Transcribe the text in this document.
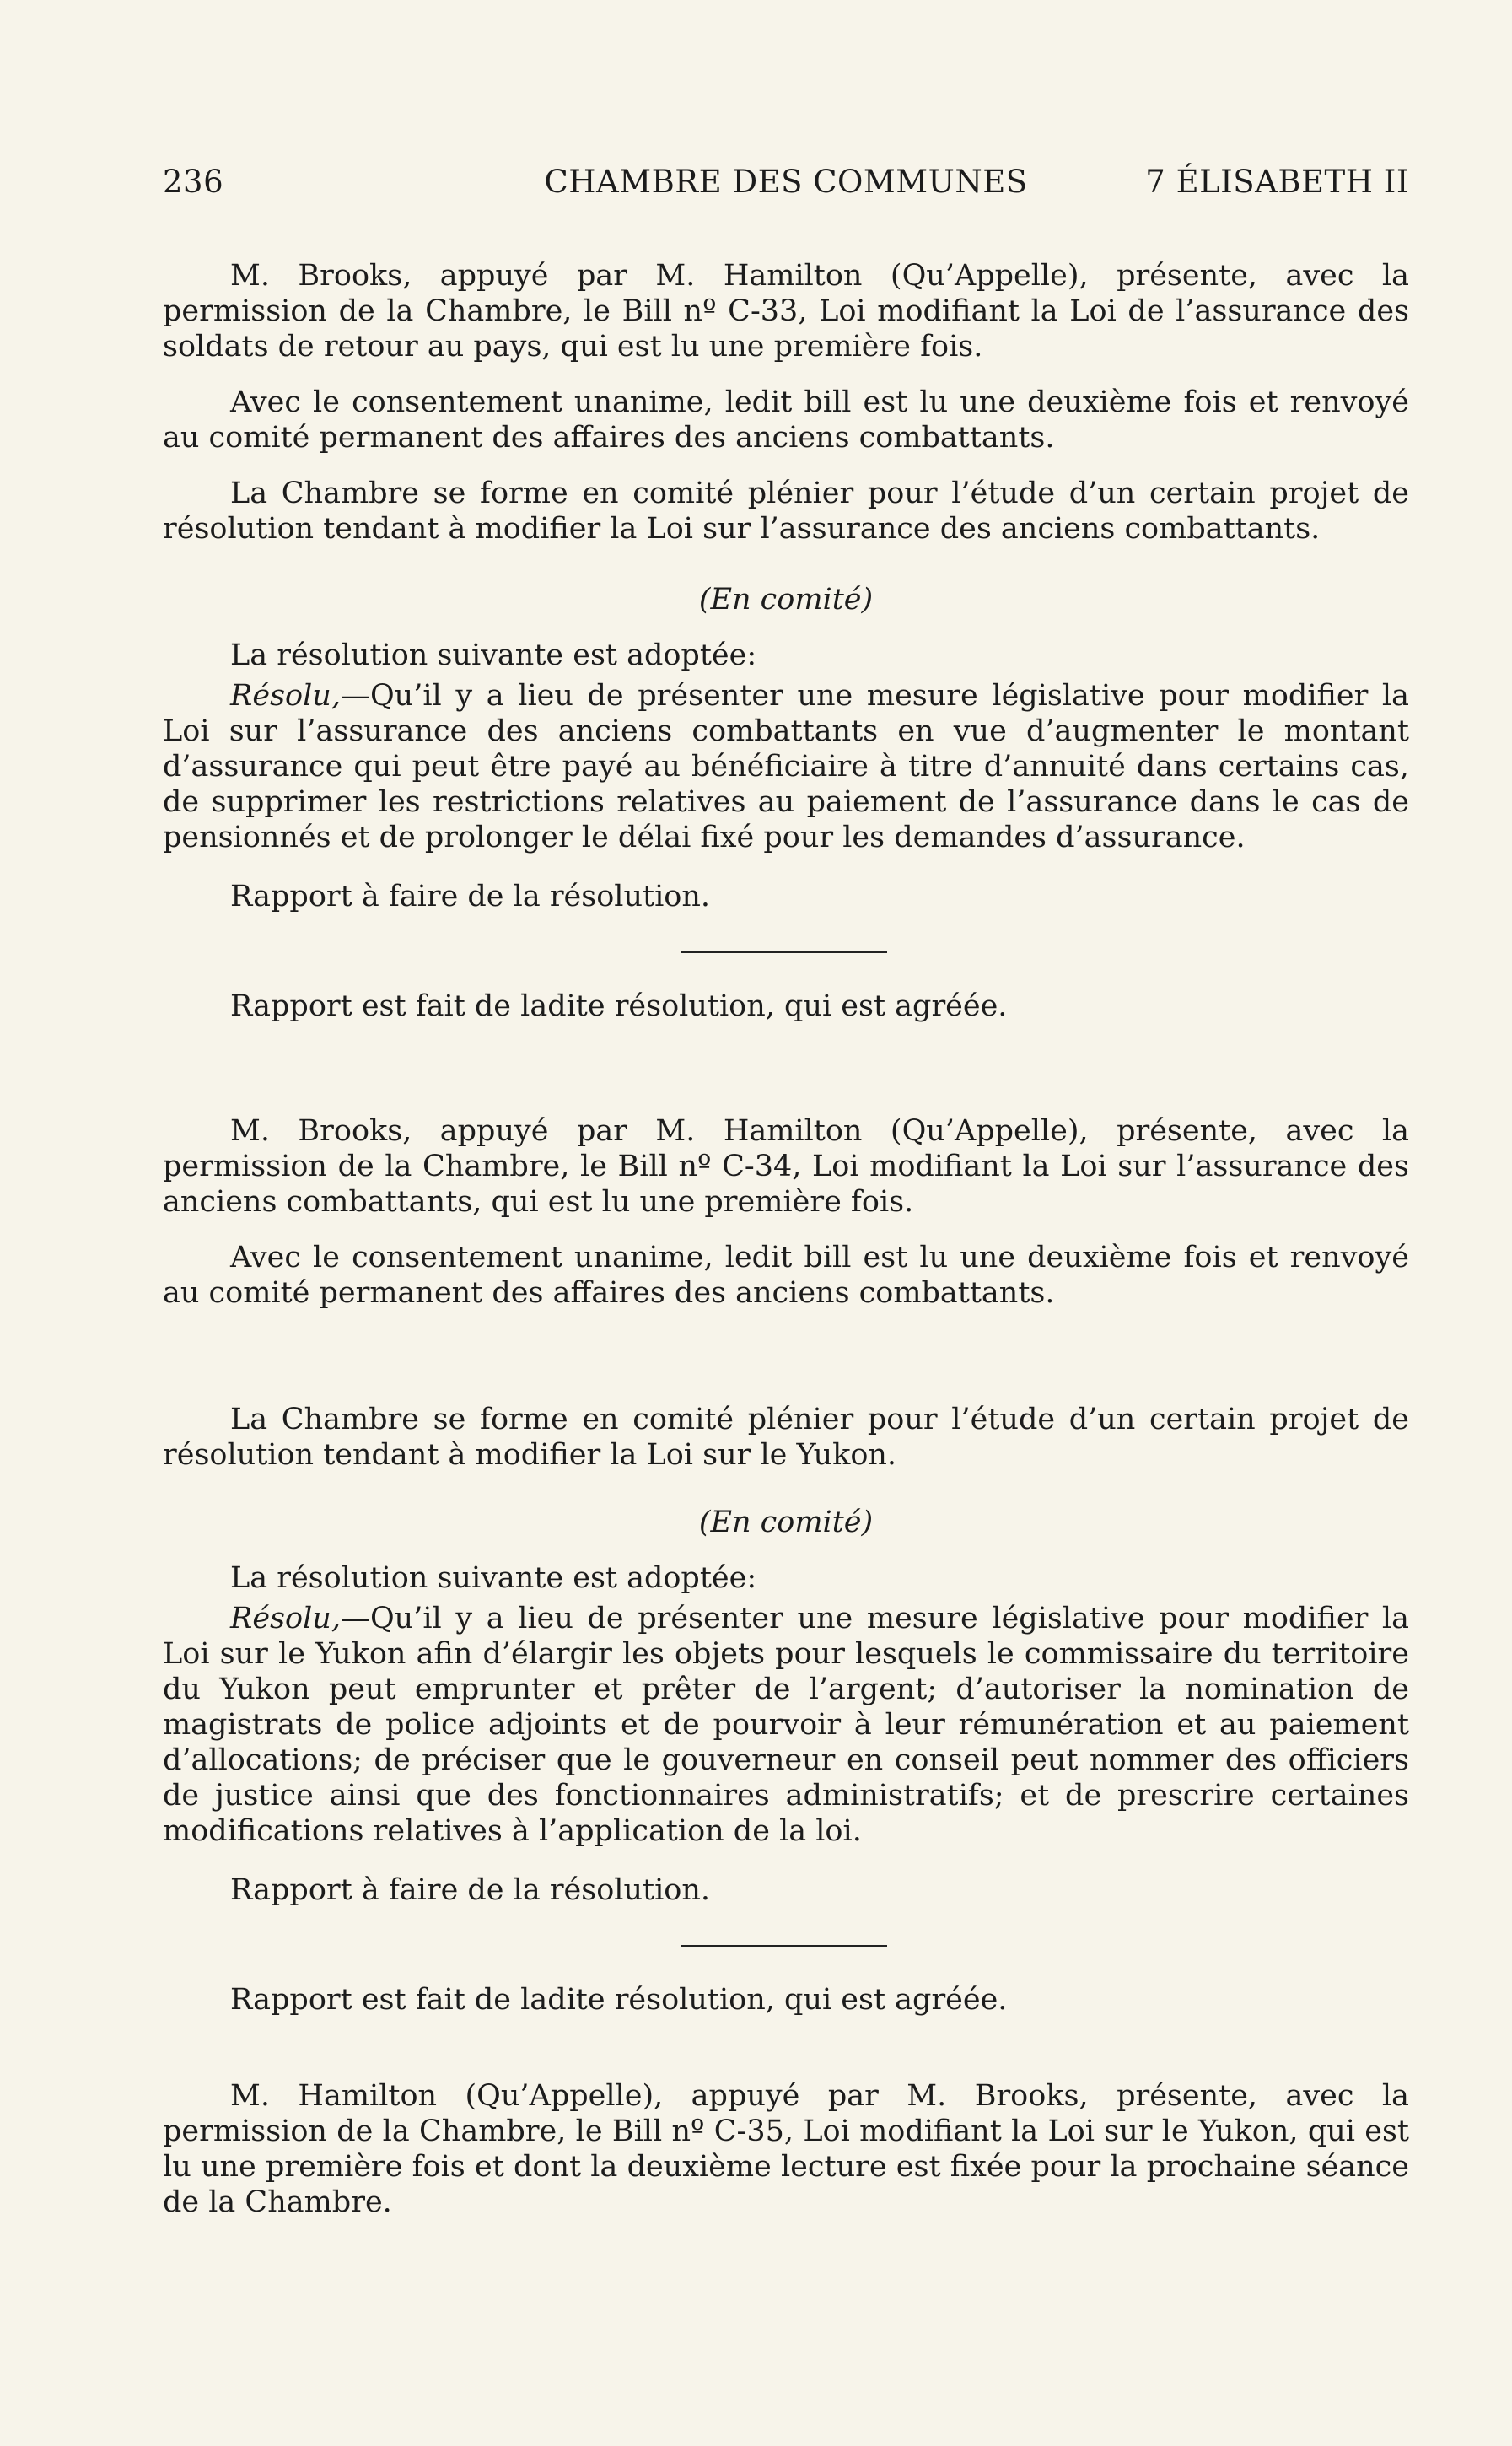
236	CHAMBRE DES COMMUNES	7 ÉLISABETH II

M. Brooks, appuyé par M. Hamilton (Qu’Appelle), présente, avec la permission de la Chambre, le Bill nº C-33, Loi modifiant la Loi de l’assurance des soldats de retour au pays, qui est lu une première fois.

Avec le consentement unanime, ledit bill est lu une deuxième fois et renvoyé au comité permanent des affaires des anciens combattants.

La Chambre se forme en comité plénier pour l’étude d’un certain projet de résolution tendant à modifier la Loi sur l’assurance des anciens combattants.

(En comité)

La résolution suivante est adoptée:

Résolu,—Qu’il y a lieu de présenter une mesure législative pour modifier la Loi sur l’assurance des anciens combattants en vue d’augmenter le montant d’assurance qui peut être payé au bénéficiaire à titre d’annuité dans certains cas, de supprimer les restrictions relatives au paiement de l’assurance dans le cas de pensionnés et de prolonger le délai fixé pour les demandes d’assurance.

Rapport à faire de la résolution.

Rapport est fait de ladite résolution, qui est agréée.

M. Brooks, appuyé par M. Hamilton (Qu’Appelle), présente, avec la permission de la Chambre, le Bill nº C-34, Loi modifiant la Loi sur l’assurance des anciens combattants, qui est lu une première fois.

Avec le consentement unanime, ledit bill est lu une deuxième fois et renvoyé au comité permanent des affaires des anciens combattants.

La Chambre se forme en comité plénier pour l’étude d’un certain projet de résolution tendant à modifier la Loi sur le Yukon.

(En comité)

La résolution suivante est adoptée:

Résolu,—Qu’il y a lieu de présenter une mesure législative pour modifier la Loi sur le Yukon afin d’élargir les objets pour lesquels le commissaire du territoire du Yukon peut emprunter et prêter de l’argent; d’autoriser la nomination de magistrats de police adjoints et de pourvoir à leur rémunération et au paiement d’allocations; de préciser que le gouverneur en conseil peut nommer des officiers de justice ainsi que des fonctionnaires administratifs; et de prescrire certaines modifications relatives à l’application de la loi.

Rapport à faire de la résolution.

Rapport est fait de ladite résolution, qui est agréée.

M. Hamilton (Qu’Appelle), appuyé par M. Brooks, présente, avec la permission de la Chambre, le Bill nº C-35, Loi modifiant la Loi sur le Yukon, qui est lu une première fois et dont la deuxième lecture est fixée pour la prochaine séance de la Chambre.
